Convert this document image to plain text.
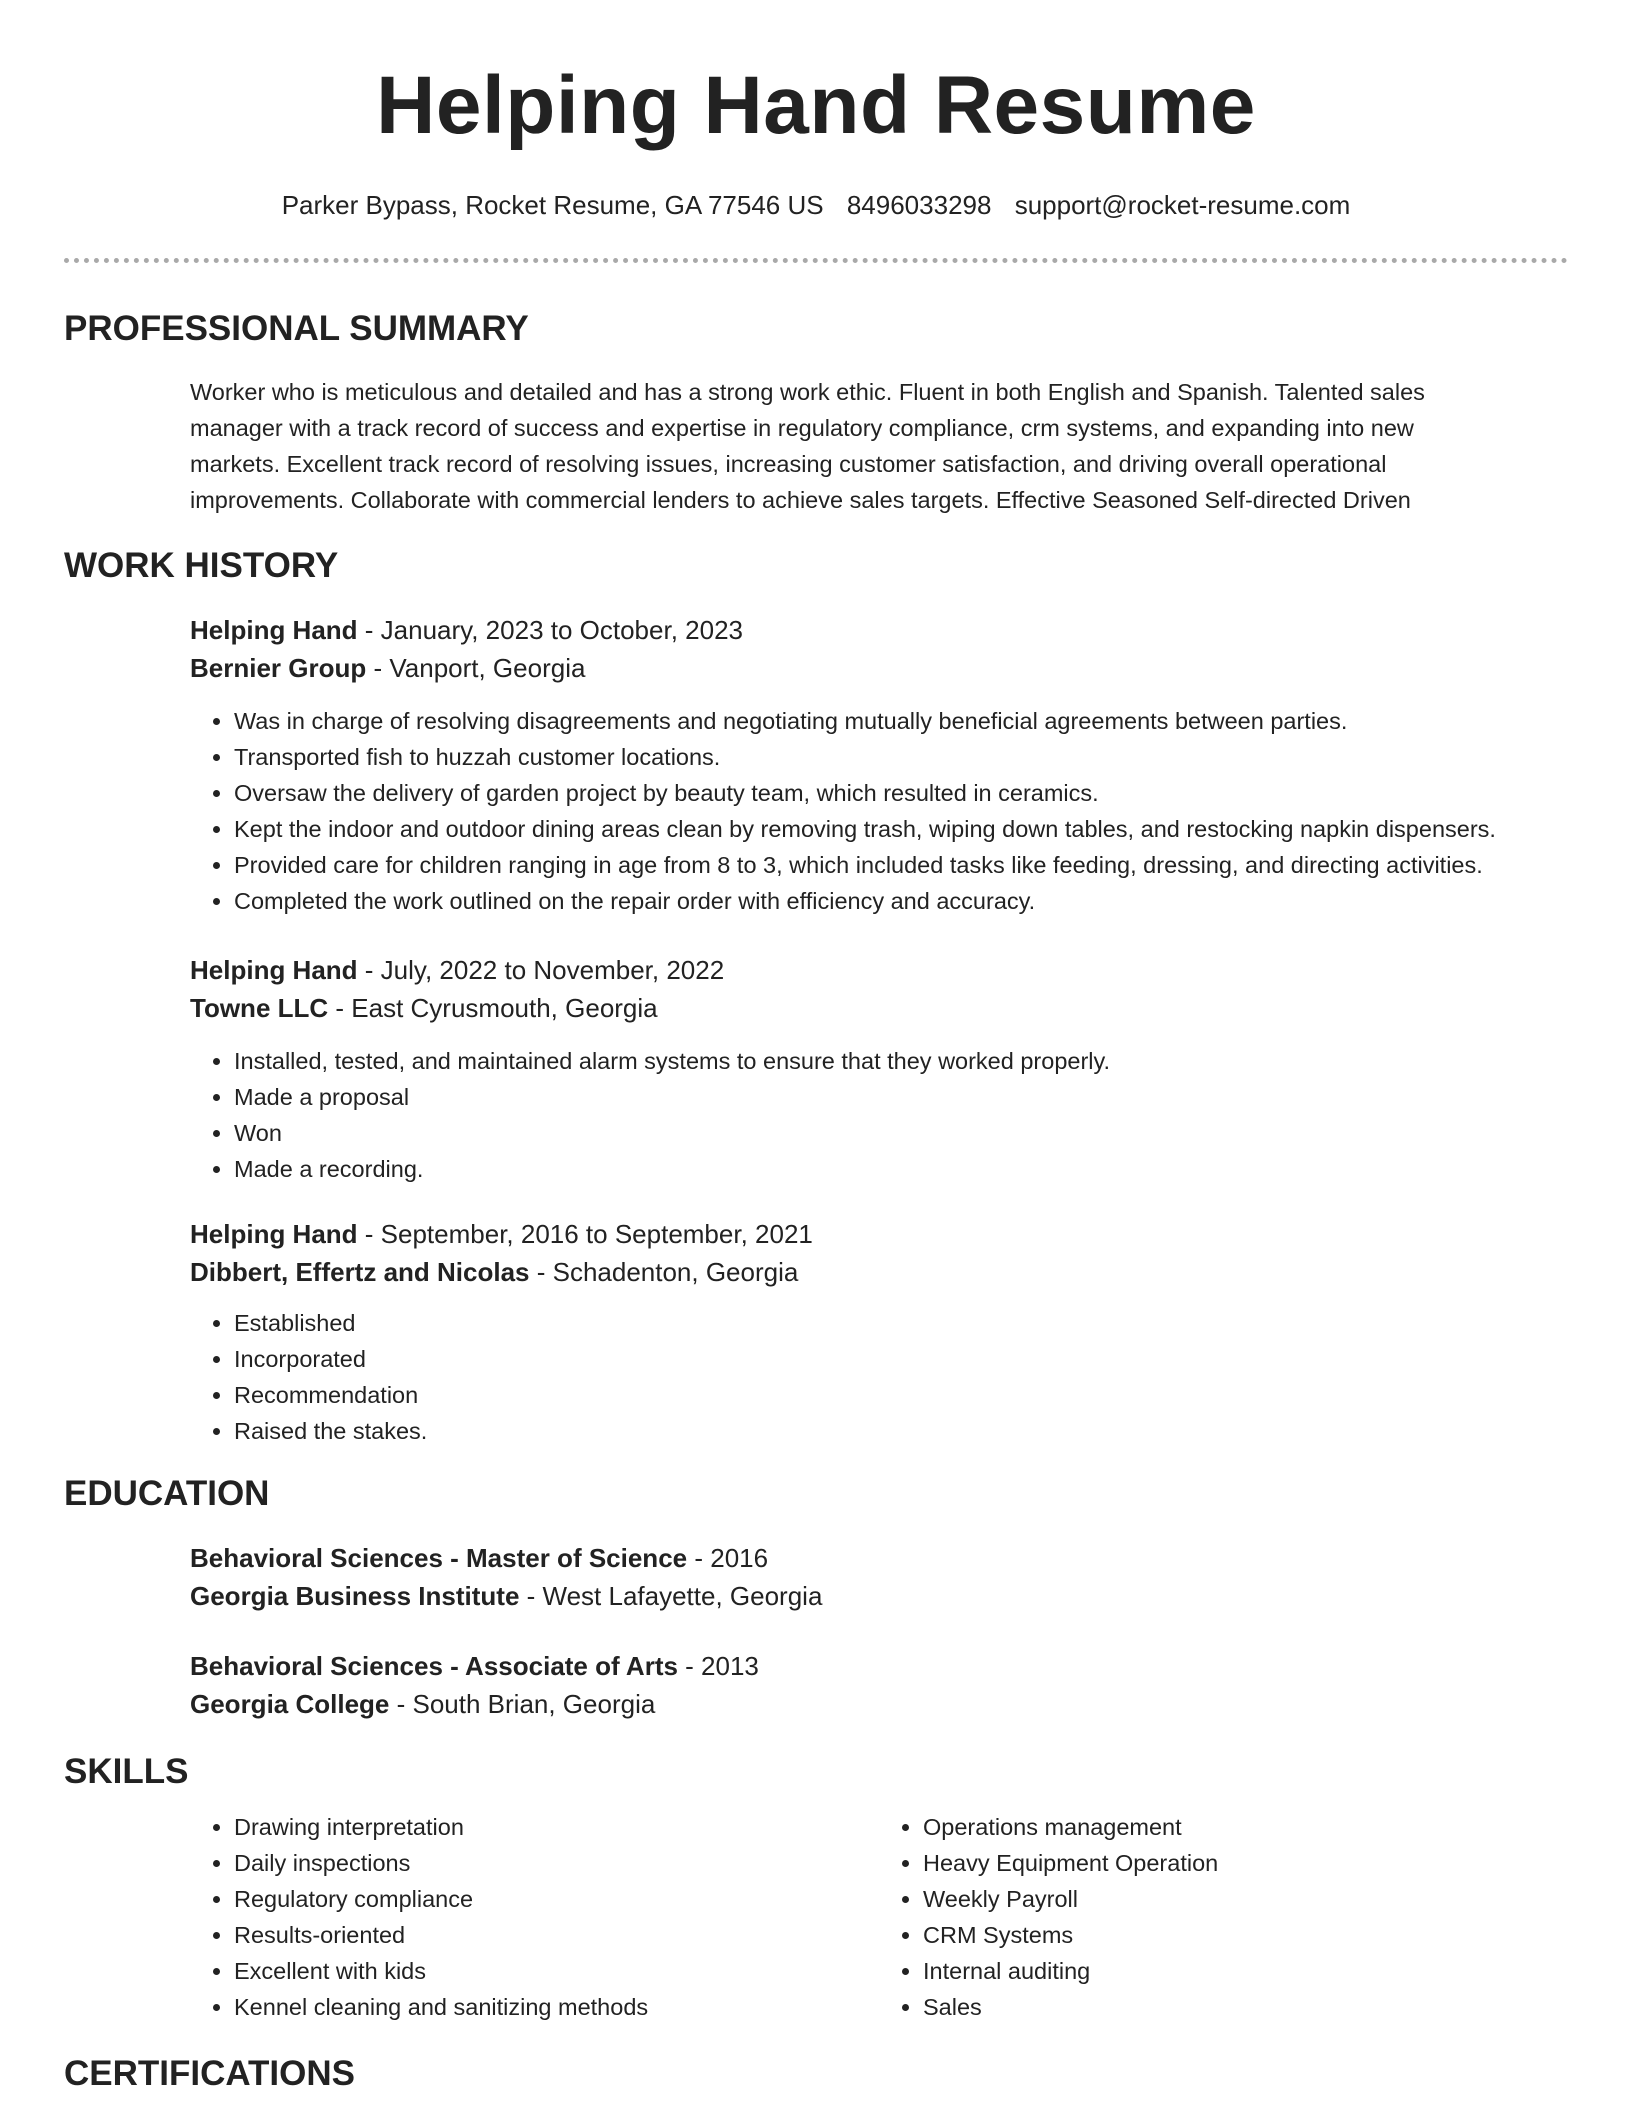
Helping Hand Resume
Parker Bypass, Rocket Resume, GA 77546 US 8496033298 support@rocket-resume.com
PROFESSIONAL SUMMARY
Worker who is meticulous and detailed and has a strong work ethic. Fluent in both English and Spanish. Talented sales manager with a track record of success and expertise in regulatory compliance, crm systems, and expanding into new markets. Excellent track record of resolving issues, increasing customer satisfaction, and driving overall operational improvements. Collaborate with commercial lenders to achieve sales targets. Effective Seasoned Self-directed Driven
WORK HISTORY
Helping Hand - January, 2023 to October, 2023
Bernier Group - Vanport, Georgia
• Was in charge of resolving disagreements and negotiating mutually beneficial agreements between parties.
• Transported fish to huzzah customer locations.
• Oversaw the delivery of garden project by beauty team, which resulted in ceramics.
• Kept the indoor and outdoor dining areas clean by removing trash, wiping down tables, and restocking napkin dispensers.
• Provided care for children ranging in age from 8 to 3, which included tasks like feeding, dressing, and directing activities.
• Completed the work outlined on the repair order with efficiency and accuracy.
Helping Hand - July, 2022 to November, 2022
Towne LLC - East Cyrusmouth, Georgia
• Installed, tested, and maintained alarm systems to ensure that they worked properly.
• Made a proposal
• Won
• Made a recording.
Helping Hand - September, 2016 to September, 2021
Dibbert, Effertz and Nicolas - Schadenton, Georgia
• Established
• Incorporated
• Recommendation
• Raised the stakes.
EDUCATION
Behavioral Sciences - Master of Science - 2016
Georgia Business Institute - West Lafayette, Georgia
Behavioral Sciences - Associate of Arts - 2013
Georgia College - South Brian, Georgia
SKILLS
• Drawing interpretation
• Daily inspections
• Regulatory compliance
• Results-oriented
• Excellent with kids
• Kennel cleaning and sanitizing methods
• Operations management
• Heavy Equipment Operation
• Weekly Payroll
• CRM Systems
• Internal auditing
• Sales
CERTIFICATIONS
